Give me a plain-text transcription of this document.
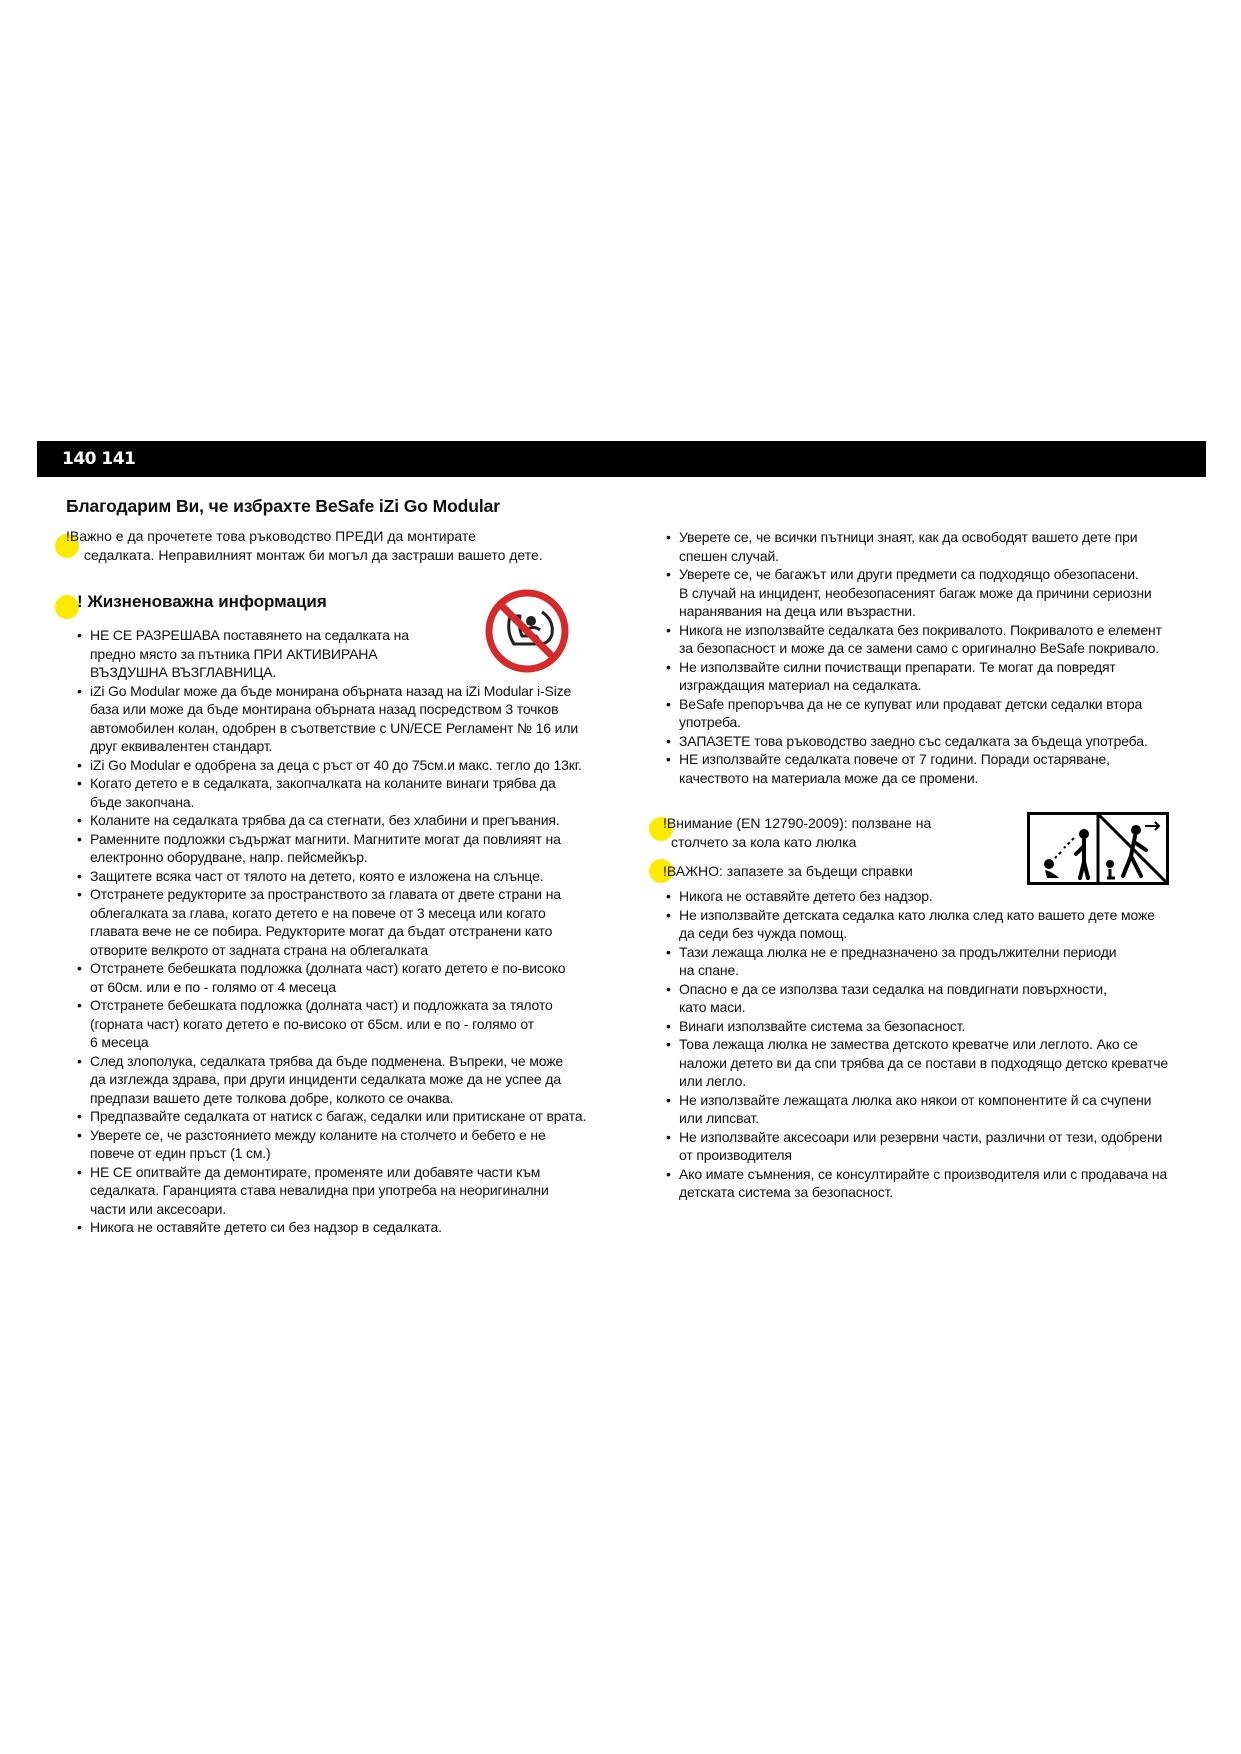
140 141
Благодарим Ви, че избрахте BeSafe iZi Go Modular
!Важно е да прочетете това ръководство ПРЕДИ да монтирате
седалката. Неправилният монтаж би могъл да застраши вашето дете.
! Жизненоважна информация
• НЕ СЕ РАЗРЕШАВА поставянето на седалката на
предно място за пътника ПРИ АКТИВИРАНА
ВЪЗДУШНА ВЪЗГЛАВНИЦА.
• iZi Go Modular може да бъде монирана обърната назад на iZi Modular i-Size
база или може да бъде монтирана обърната назад посредством 3 точков
автомобилен колан, одобрен в съответствие с UN/ECE Регламент № 16 или
друг еквивалентен стандарт.
• iZi Go Modular е одобрена за деца с ръст от 40 до 75см.и макс. тегло до 13кг.
• Когато детето е в седалката, закопчалката на коланите винаги трябва да
бъде закопчана.
• Коланите на седалката трябва да са стегнати, без хлабини и прегъвания.
• Раменните подложки съдържат магнити. Магнитите могат да повлияят на
електронно оборудване, напр. пейсмейкър.
• Защитете всяка част от тялото на детето, която е изложена на слънце.
• Отстранете редукторите за пространството за главата от двете страни на
облегалката за глава, когато детето е на повече от 3 месеца или когато
главата вече не се побира. Редукторите могат да бъдат отстранени като
отворите велкрото от задната страна на облегалката
• Отстранете бебешката подложка (долната част) когато детето е по-високо
от 60см. или е по - голямо от 4 месеца
• Отстранете бебешката подложка (долната част) и подложката за тялото
(горната част) когато детето е по-високо от 65см. или е по - голямо от
6 месеца
• След злополука, седалката трябва да бъде подменена. Въпреки, че може
да изглежда здрава, при други инциденти седалката може да не успее да
предпази вашето дете толкова добре, колкото се очаква.
• Предпазвайте седалката от натиск с багаж, седалки или притискане от врата.
• Уверете се, че разстоянието между коланите на столчето и бебето е не
повече от един пръст (1 см.)
• НЕ СЕ опитвайте да демонтирате, променяте или добавяте части към
седалката. Гаранцията става невалидна при употреба на неоригинални
части или аксесоари.
• Никога не оставяйте детето си без надзор в седалката.
• Уверете се, че всички пътници знаят, как да освободят вашето дете при
спешен случай.
• Уверете се, че багажът или други предмети са подходящо обезопасени.
В случай на инцидент, необезопасеният багаж може да причини сериозни
наранявания на деца или възрастни.
• Никога не използвайте седалката без покривалото. Покривалото е елемент
за безопасност и може да се замени само с оригинално BeSafe покривало.
• Не използвайте силни почистващи препарати. Те могат да повредят
изграждащия материал на седалката.
• BeSafe препоръчва да не се купуват или продават детски седалки втора
употреба.
• ЗАПАЗЕТЕ това ръководство заедно със седалката за бъдеща употреба.
• НЕ използвайте седалката повече от 7 години. Поради остаряване,
качеството на материала може да се промени.
!Внимание (EN 12790-2009): ползване на
столчето за кола като люлка
!ВАЖНО: запазете за бъдещи справки
• Никога не оставяйте детето без надзор.
• Не използвайте детската седалка като люлка след като вашето дете може
да седи без чужда помощ.
• Тази лежаща люлка не е предназначено за продължителни периоди
на спане.
• Опасно е да се използва тази седалка на повдигнати повърхности,
като маси.
• Винаги използвайте система за безопасност.
• Това лежаща люлка не замества детското креватче или леглото. Ако се
наложи детето ви да спи трябва да се постави в подходящо детско креватче
или легло.
• Не използвайте лежащата люлка ако някои от компонентите й са счупени
или липсват.
• Не използвайте аксесоари или резервни части, различни от тези, одобрени
от производителя
• Ако имате съмнения, се консултирайте с производителя или с продавача на
детската система за безопасност.
